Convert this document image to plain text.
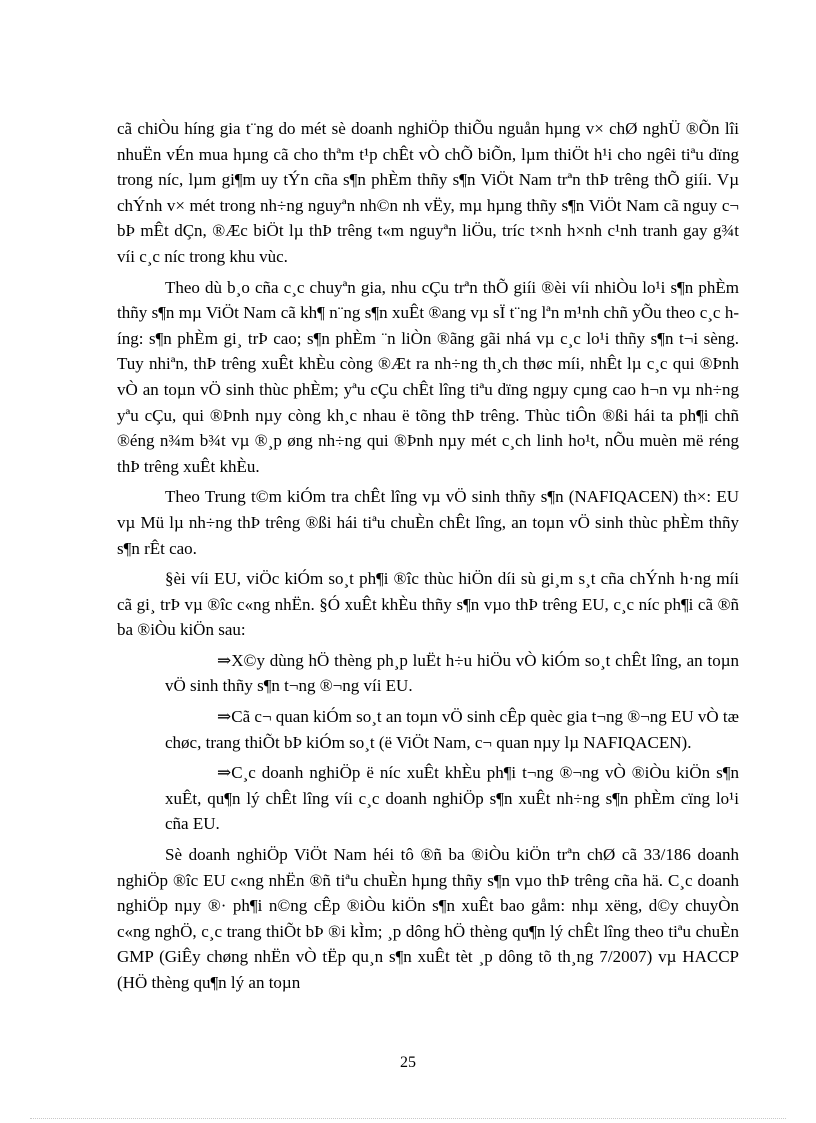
cã chiÒu híng gia t¨ng do mét sè doanh nghiÖp thiÕu nguån hµng v× chØ nghÜ ®Õn lîi nhuËn vÉn mua hµng cã cho thªm t¹p chÊt vÒ chÕ biÕn, lµm thiÖt h¹i cho ngêi tiªu dïng trong níc, lµm gi¶m uy tÝn cña s¶n phÈm thñy s¶n ViÖt Nam trªn thÞ trêng thÕ giíi. Vµ chÝnh v× mét trong nh÷ng nguyªn nh©n nh vËy, mµ hµng thñy s¶n ViÖt Nam cã nguy c¬ bÞ mÊt dÇn, ®Æc biÖt lµ thÞ trêng t«m nguyªn liÖu, tríc t×nh h×nh c¹nh tranh gay g¾t víi c¸c níc trong khu vùc.

Theo dù b¸o cña c¸c chuyªn gia, nhu cÇu trªn thÕ giíi ®èi víi nhiÒu lo¹i s¶n phÈm thñy s¶n mµ ViÖt Nam cã kh¶ n¨ng s¶n xuÊt ®ang vµ sÏ t¨ng lªn m¹nh chñ yÕu theo c¸c híng: s¶n phÈm gi¸ trÞ cao; s¶n phÈm ¨n liÒn ®ãng gãi nhá vµ c¸c lo¹i thñy s¶n t¬i sèng. Tuy nhiªn, thÞ trêng xuÊt khÈu còng ®Æt ra nh÷ng th¸ch thøc míi, nhÊt lµ c¸c qui ®Þnh vÒ an toµn vÖ sinh thùc phÈm; yªu cÇu chÊt lîng tiªu dïng ngµy cµng cao h¬n vµ nh÷ng yªu cÇu, qui ®Þnh nµy còng kh¸c nhau ë tõng thÞ trêng. Thùc tiÔn ®ßi hái ta ph¶i chñ ®éng n¾m b¾t vµ ®¸p øng nh÷ng qui ®Þnh nµy mét c¸ch linh ho¹t, nÕu muèn më réng thÞ trêng xuÊt khÈu.

Theo Trung t©m kiÓm tra chÊt lîng vµ vÖ sinh thñy s¶n (NAFIQACEN) th×: EU vµ Mü lµ nh÷ng thÞ trêng ®ßi hái tiªu chuÈn chÊt lîng, an toµn vÖ sinh thùc phÈm thñy s¶n rÊt cao.

§èi víi EU, viÖc kiÓm so¸t ph¶i ®îc thùc hiÖn díi sù gi¸m s¸t cña chÝnh h·ng míi cã gi¸ trÞ vµ ®îc c«ng nhËn. §Ó xuÊt khÈu thñy s¶n vµo thÞ trêng EU, c¸c níc ph¶i cã ®ñ ba ®iÒu kiÖn sau:

⇒X©y dùng hÖ thèng ph¸p luËt h÷u hiÖu vÒ kiÓm so¸t chÊt lîng, an toµn vÖ sinh thñy s¶n t¬ng ®¬ng víi EU.

⇒Cã c¬ quan kiÓm so¸t an toµn vÖ sinh cÊp quèc gia t¬ng ®¬ng EU vÒ tæ chøc, trang thiÕt bÞ kiÓm so¸t (ë ViÖt Nam, c¬ quan nµy lµ NAFIQACEN).

⇒C¸c doanh nghiÖp ë níc xuÊt khÈu ph¶i t¬ng ®¬ng vÒ ®iÒu kiÖn s¶n xuÊt, qu¶n lý chÊt lîng víi c¸c doanh nghiÖp s¶n xuÊt nh÷ng s¶n phÈm cïng lo¹i cña EU.

Sè doanh nghiÖp ViÖt Nam héi tô ®ñ ba ®iÒu kiÖn trªn chØ cã 33/186 doanh nghiÖp ®îc EU c«ng nhËn ®ñ tiªu chuÈn hµng thñy s¶n vµo thÞ trêng cña hä. C¸c doanh nghiÖp nµy ®· ph¶i n©ng cÊp ®iÒu kiÖn s¶n xuÊt bao gåm: nhµ xëng, d©y chuyÒn c«ng nghÖ, c¸c trang thiÕt bÞ ®i kÌm; ¸p dông hÖ thèng qu¶n lý chÊt lîng theo tiªu chuÈn GMP (GiÊy chøng nhËn vÒ tËp qu¸n s¶n xuÊt tèt ¸p dông tõ th¸ng 7/2007) vµ HACCP (HÖ thèng qu¶n lý an toµn

25
